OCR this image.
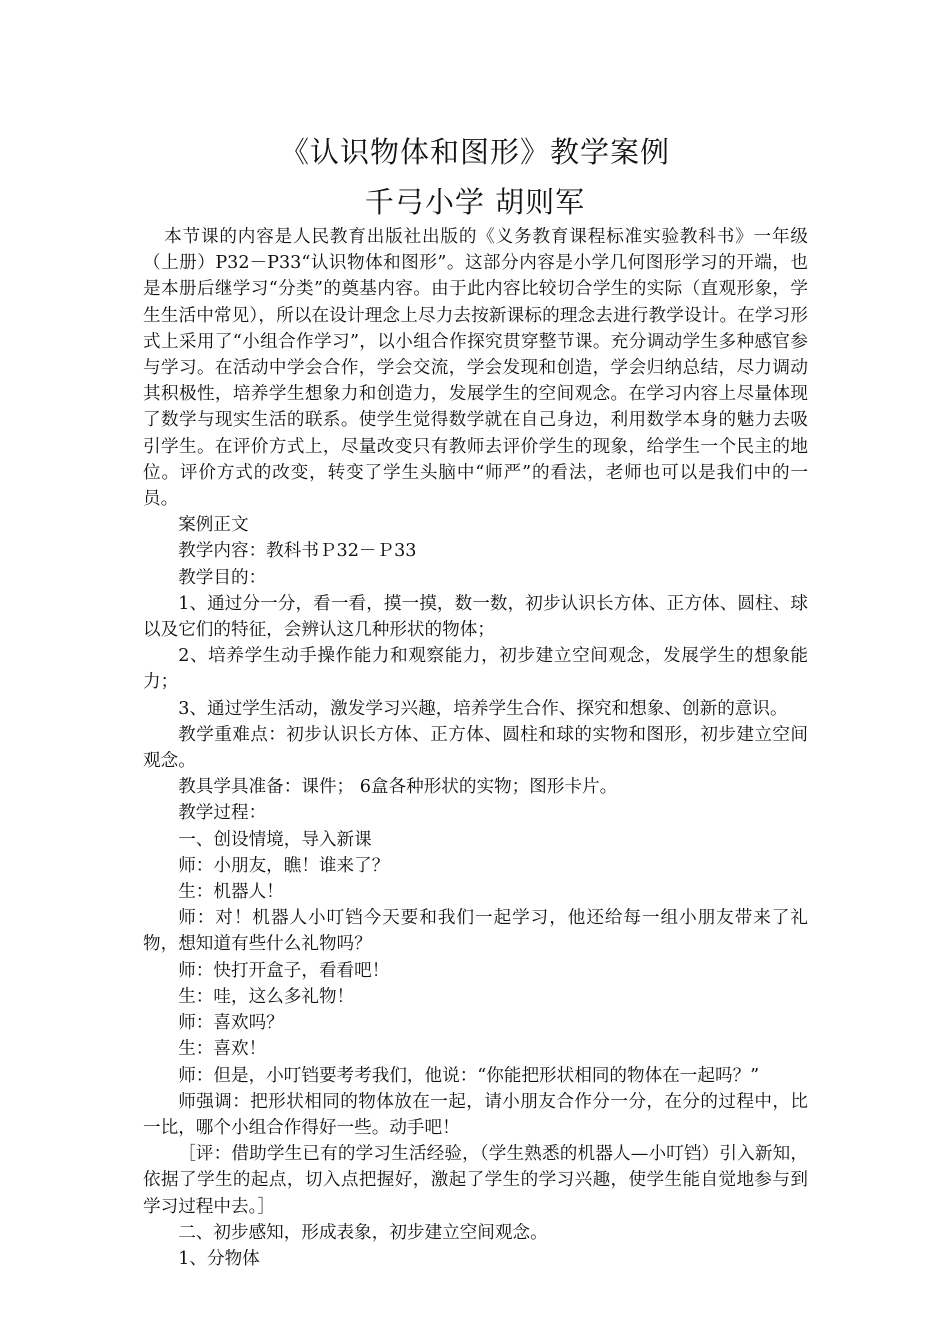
《认识物体和图形》教学案例
千弓小学 胡则军

本节课的内容是人民教育出版社出版的《义务教育课程标准实验教科书》一年级（上册）P32－P33“认识物体和图形”。这部分内容是小学几何图形学习的开端，也是本册后继学习“分类”的奠基内容。由于此内容比较切合学生的实际（直观形象，学生生活中常见），所以在设计理念上尽力去按新课标的理念去进行教学设计。在学习形式上采用了“小组合作学习”，以小组合作探究贯穿整节课。充分调动学生多种感官参与学习。在活动中学会合作，学会交流，学会发现和创造，学会归纳总结，尽力调动其积极性，培养学生想象力和创造力，发展学生的空间观念。在学习内容上尽量体现了数学与现实生活的联系。使学生觉得数学就在自己身边，利用数学本身的魅力去吸引学生。在评价方式上，尽量改变只有教师去评价学生的现象，给学生一个民主的地位。评价方式的改变，转变了学生头脑中“师严”的看法，老师也可以是我们中的一员。

案例正文

教学内容：教科书Ｐ32－Ｐ33

教学目的：

1、通过分一分，看一看，摸一摸，数一数，初步认识长方体、正方体、圆柱、球以及它们的特征，会辨认这几种形状的物体；

2、培养学生动手操作能力和观察能力，初步建立空间观念，发展学生的想象能力；

3、通过学生活动，激发学习兴趣，培养学生合作、探究和想象、创新的意识。

教学重难点：初步认识长方体、正方体、圆柱和球的实物和图形，初步建立空间观念。

教具学具准备：课件； 6盒各种形状的实物；图形卡片。

教学过程：

一、创设情境，导入新课

师：小朋友，瞧！谁来了？

生：机器人！

师：对！机器人小叮铛今天要和我们一起学习，他还给每一组小朋友带来了礼物，想知道有些什么礼物吗？

师：快打开盒子，看看吧！

生：哇，这么多礼物！

师：喜欢吗？

生：喜欢！

师：但是，小叮铛要考考我们，他说：“你能把形状相同的物体在一起吗？”

师强调：把形状相同的物体放在一起，请小朋友合作分一分，在分的过程中，比一比，哪个小组合作得好一些。动手吧！

［评：借助学生已有的学习生活经验，（学生熟悉的机器人—小叮铛）引入新知，依据了学生的起点，切入点把握好，激起了学生的学习兴趣，使学生能自觉地参与到学习过程中去。］

二、初步感知，形成表象，初步建立空间观念。

1、分物体
